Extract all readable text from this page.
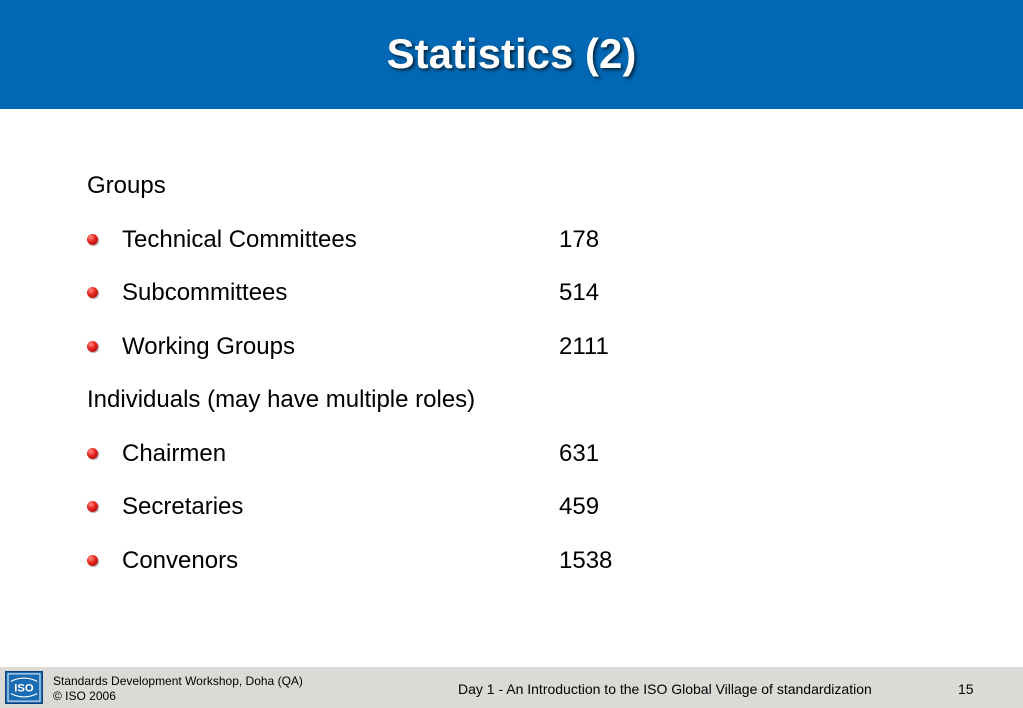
Statistics (2)
Groups
Technical Committees	178
Subcommittees	514
Working Groups	2111
Individuals (may have multiple roles)
Chairmen	631
Secretaries	459
Convenors	1538
ISO
Standards Development Workshop, Doha (QA)
© ISO 2006	Day 1 - An Introduction to the ISO Global Village of standardization	15
